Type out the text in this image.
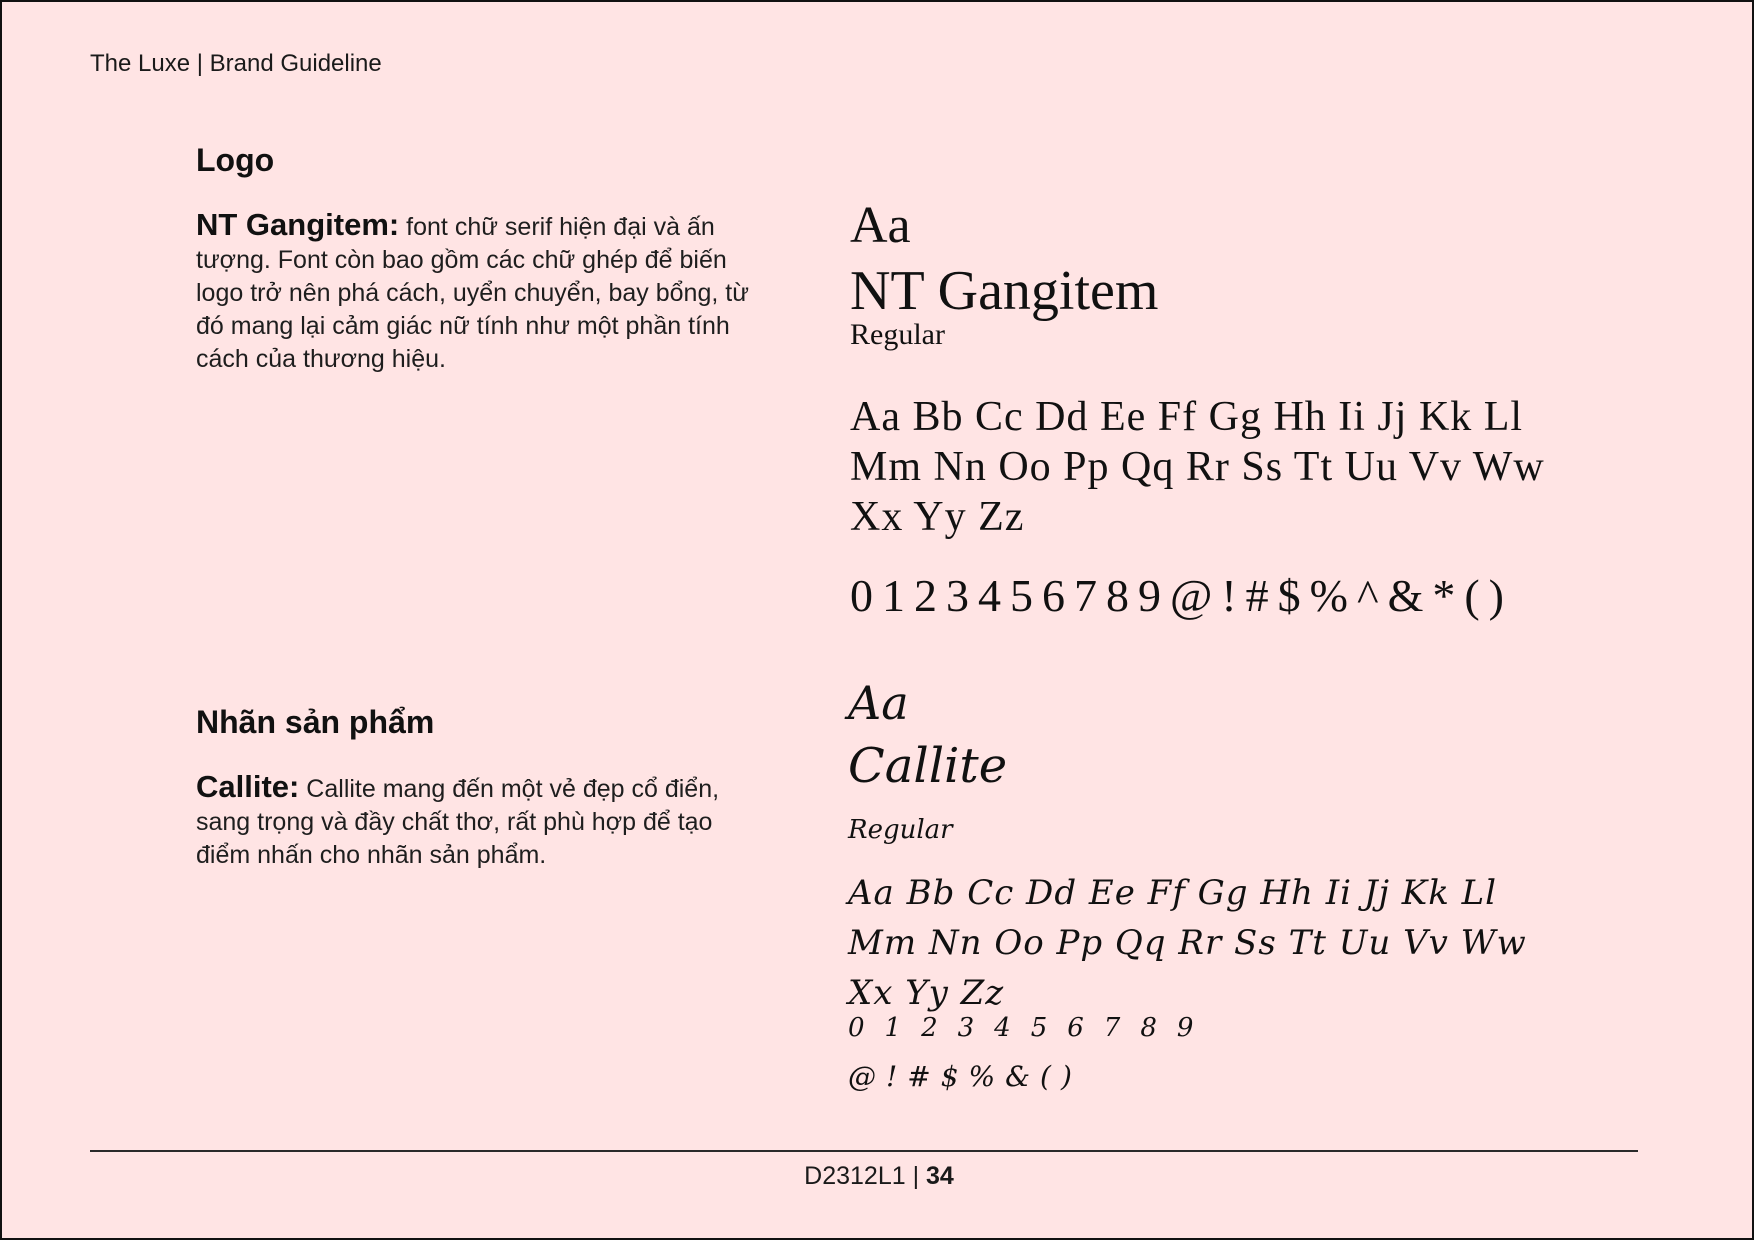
The Luxe | Brand Guideline
Logo
NT Gangitem: font chữ serif hiện đại và ấn tượng. Font còn bao gồm các chữ ghép để biến logo trở nên phá cách, uyển chuyển, bay bổng, từ đó mang lại cảm giác nữ tính như một phần tính cách của thương hiệu.
Aa
NT Gangitem
Regular
Aa Bb Cc Dd Ee Ff Gg Hh Ii Jj Kk Ll Mm Nn Oo Pp Qq Rr Ss Tt Uu Vv Ww Xx Yy Zz
0123456789@!#$%^&*()
Nhãn sản phẩm
Callite: Callite mang đến một vẻ đẹp cổ điển, sang trọng và đầy chất thơ, rất phù hợp để tạo điểm nhấn cho nhãn sản phẩm.
Aa
Callite
Regular
Aa Bb Cc Dd Ee Ff Gg Hh Ii Jj Kk Ll Mm Nn Oo Pp Qq Rr Ss Tt Uu Vv Ww Xx Yy Zz
0123456789
@!#$%&()
D2312L1 | 34
